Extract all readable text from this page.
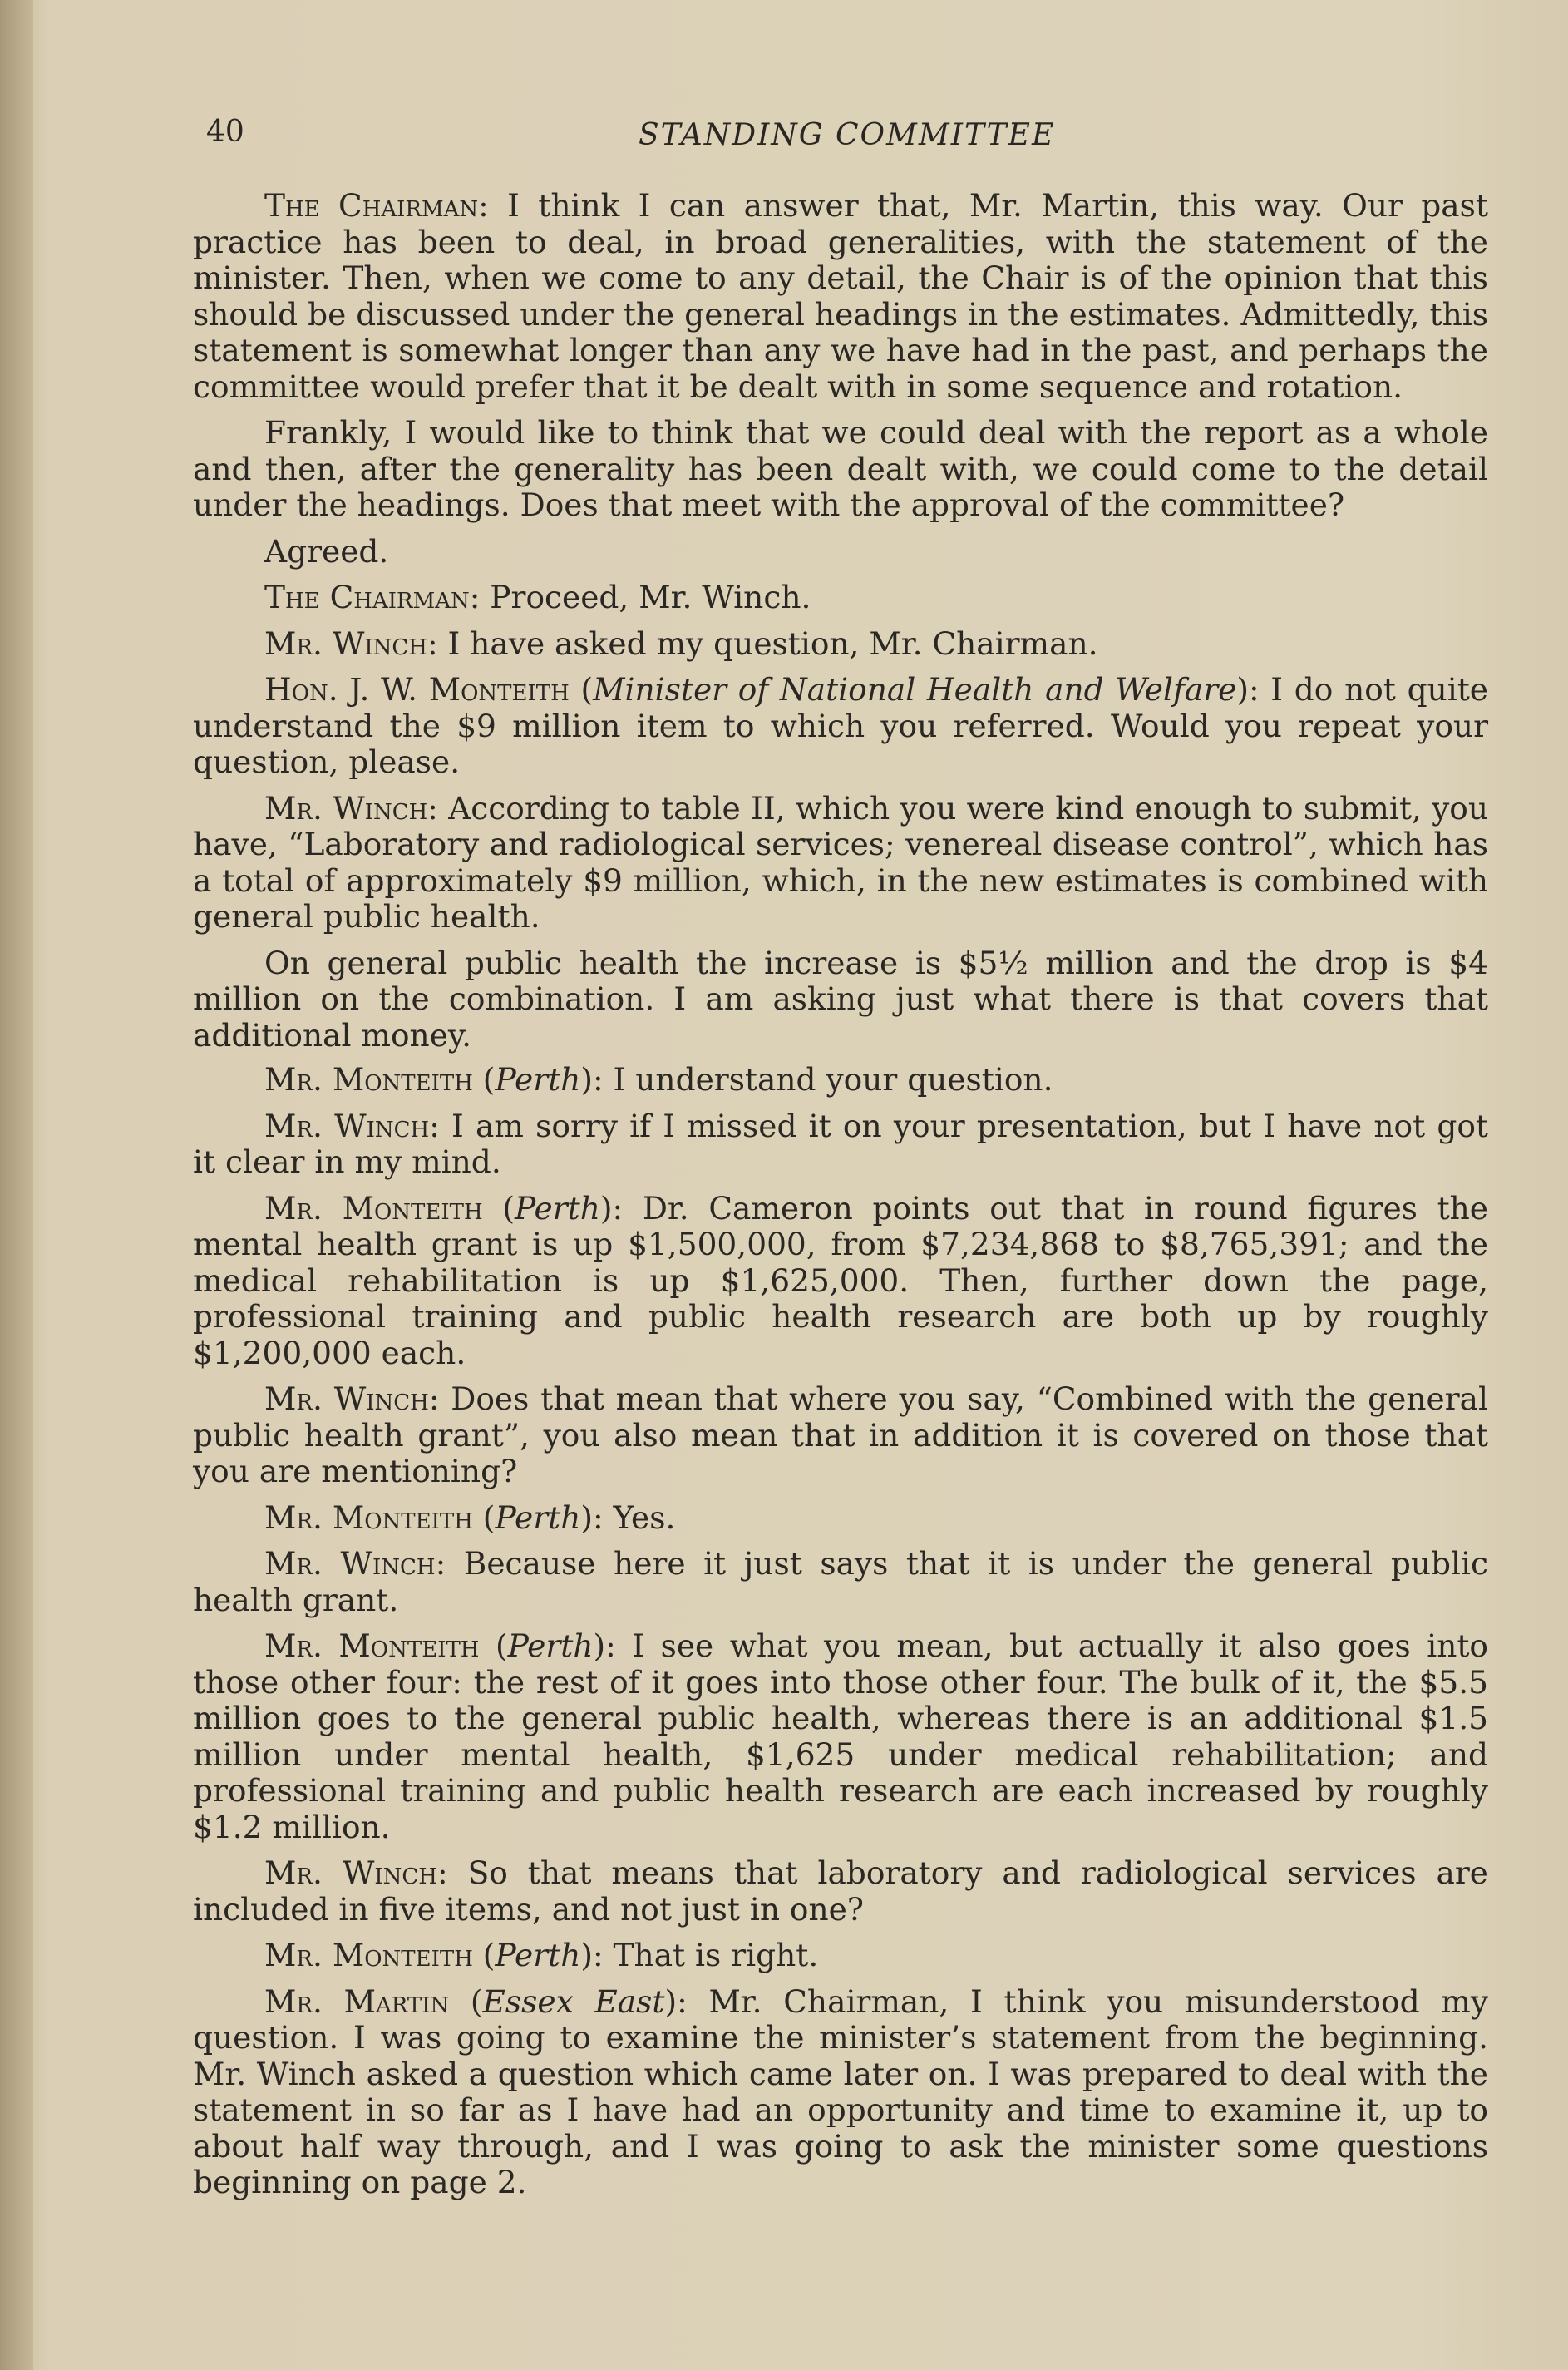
40	STANDING COMMITTEE

The Chairman: I think I can answer that, Mr. Martin, this way. Our past practice has been to deal, in broad generalities, with the statement of the minister. Then, when we come to any detail, the Chair is of the opinion that this should be discussed under the general headings in the estimates. Admittedly, this statement is somewhat longer than any we have had in the past, and perhaps the committee would prefer that it be dealt with in some sequence and rotation.

Frankly, I would like to think that we could deal with the report as a whole and then, after the generality has been dealt with, we could come to the detail under the headings. Does that meet with the approval of the committee?

Agreed.

The Chairman: Proceed, Mr. Winch.

Mr. Winch: I have asked my question, Mr. Chairman.

Hon. J. W. Monteith (Minister of National Health and Welfare): I do not quite understand the $9 million item to which you referred. Would you repeat your question, please.

Mr. Winch: According to table II, which you were kind enough to submit, you have, “Laboratory and radiological services; venereal disease control”, which has a total of approximately $9 million, which, in the new estimates is combined with general public health.

On general public health the increase is $5½ million and the drop is $4 million on the combination. I am asking just what there is that covers that additional money.

Mr. Monteith (Perth): I understand your question.

Mr. Winch: I am sorry if I missed it on your presentation, but I have not got it clear in my mind.

Mr. Monteith (Perth): Dr. Cameron points out that in round figures the mental health grant is up $1,500,000, from $7,234,868 to $8,765,391; and the medical rehabilitation is up $1,625,000. Then, further down the page, professional training and public health research are both up by roughly $1,200,000 each.

Mr. Winch: Does that mean that where you say, “Combined with the general public health grant”, you also mean that in addition it is covered on those that you are mentioning?

Mr. Monteith (Perth): Yes.

Mr. Winch: Because here it just says that it is under the general public health grant.

Mr. Monteith (Perth): I see what you mean, but actually it also goes into those other four: the rest of it goes into those other four. The bulk of it, the $5.5 million goes to the general public health, whereas there is an additional $1.5 million under mental health, $1,625 under medical rehabilitation; and professional training and public health research are each increased by roughly $1.2 million.

Mr. Winch: So that means that laboratory and radiological services are included in five items, and not just in one?

Mr. Monteith (Perth): That is right.

Mr. Martin (Essex East): Mr. Chairman, I think you misunderstood my question. I was going to examine the minister’s statement from the beginning. Mr. Winch asked a question which came later on. I was prepared to deal with the statement in so far as I have had an opportunity and time to examine it, up to about half way through, and I was going to ask the minister some questions beginning on page 2.
